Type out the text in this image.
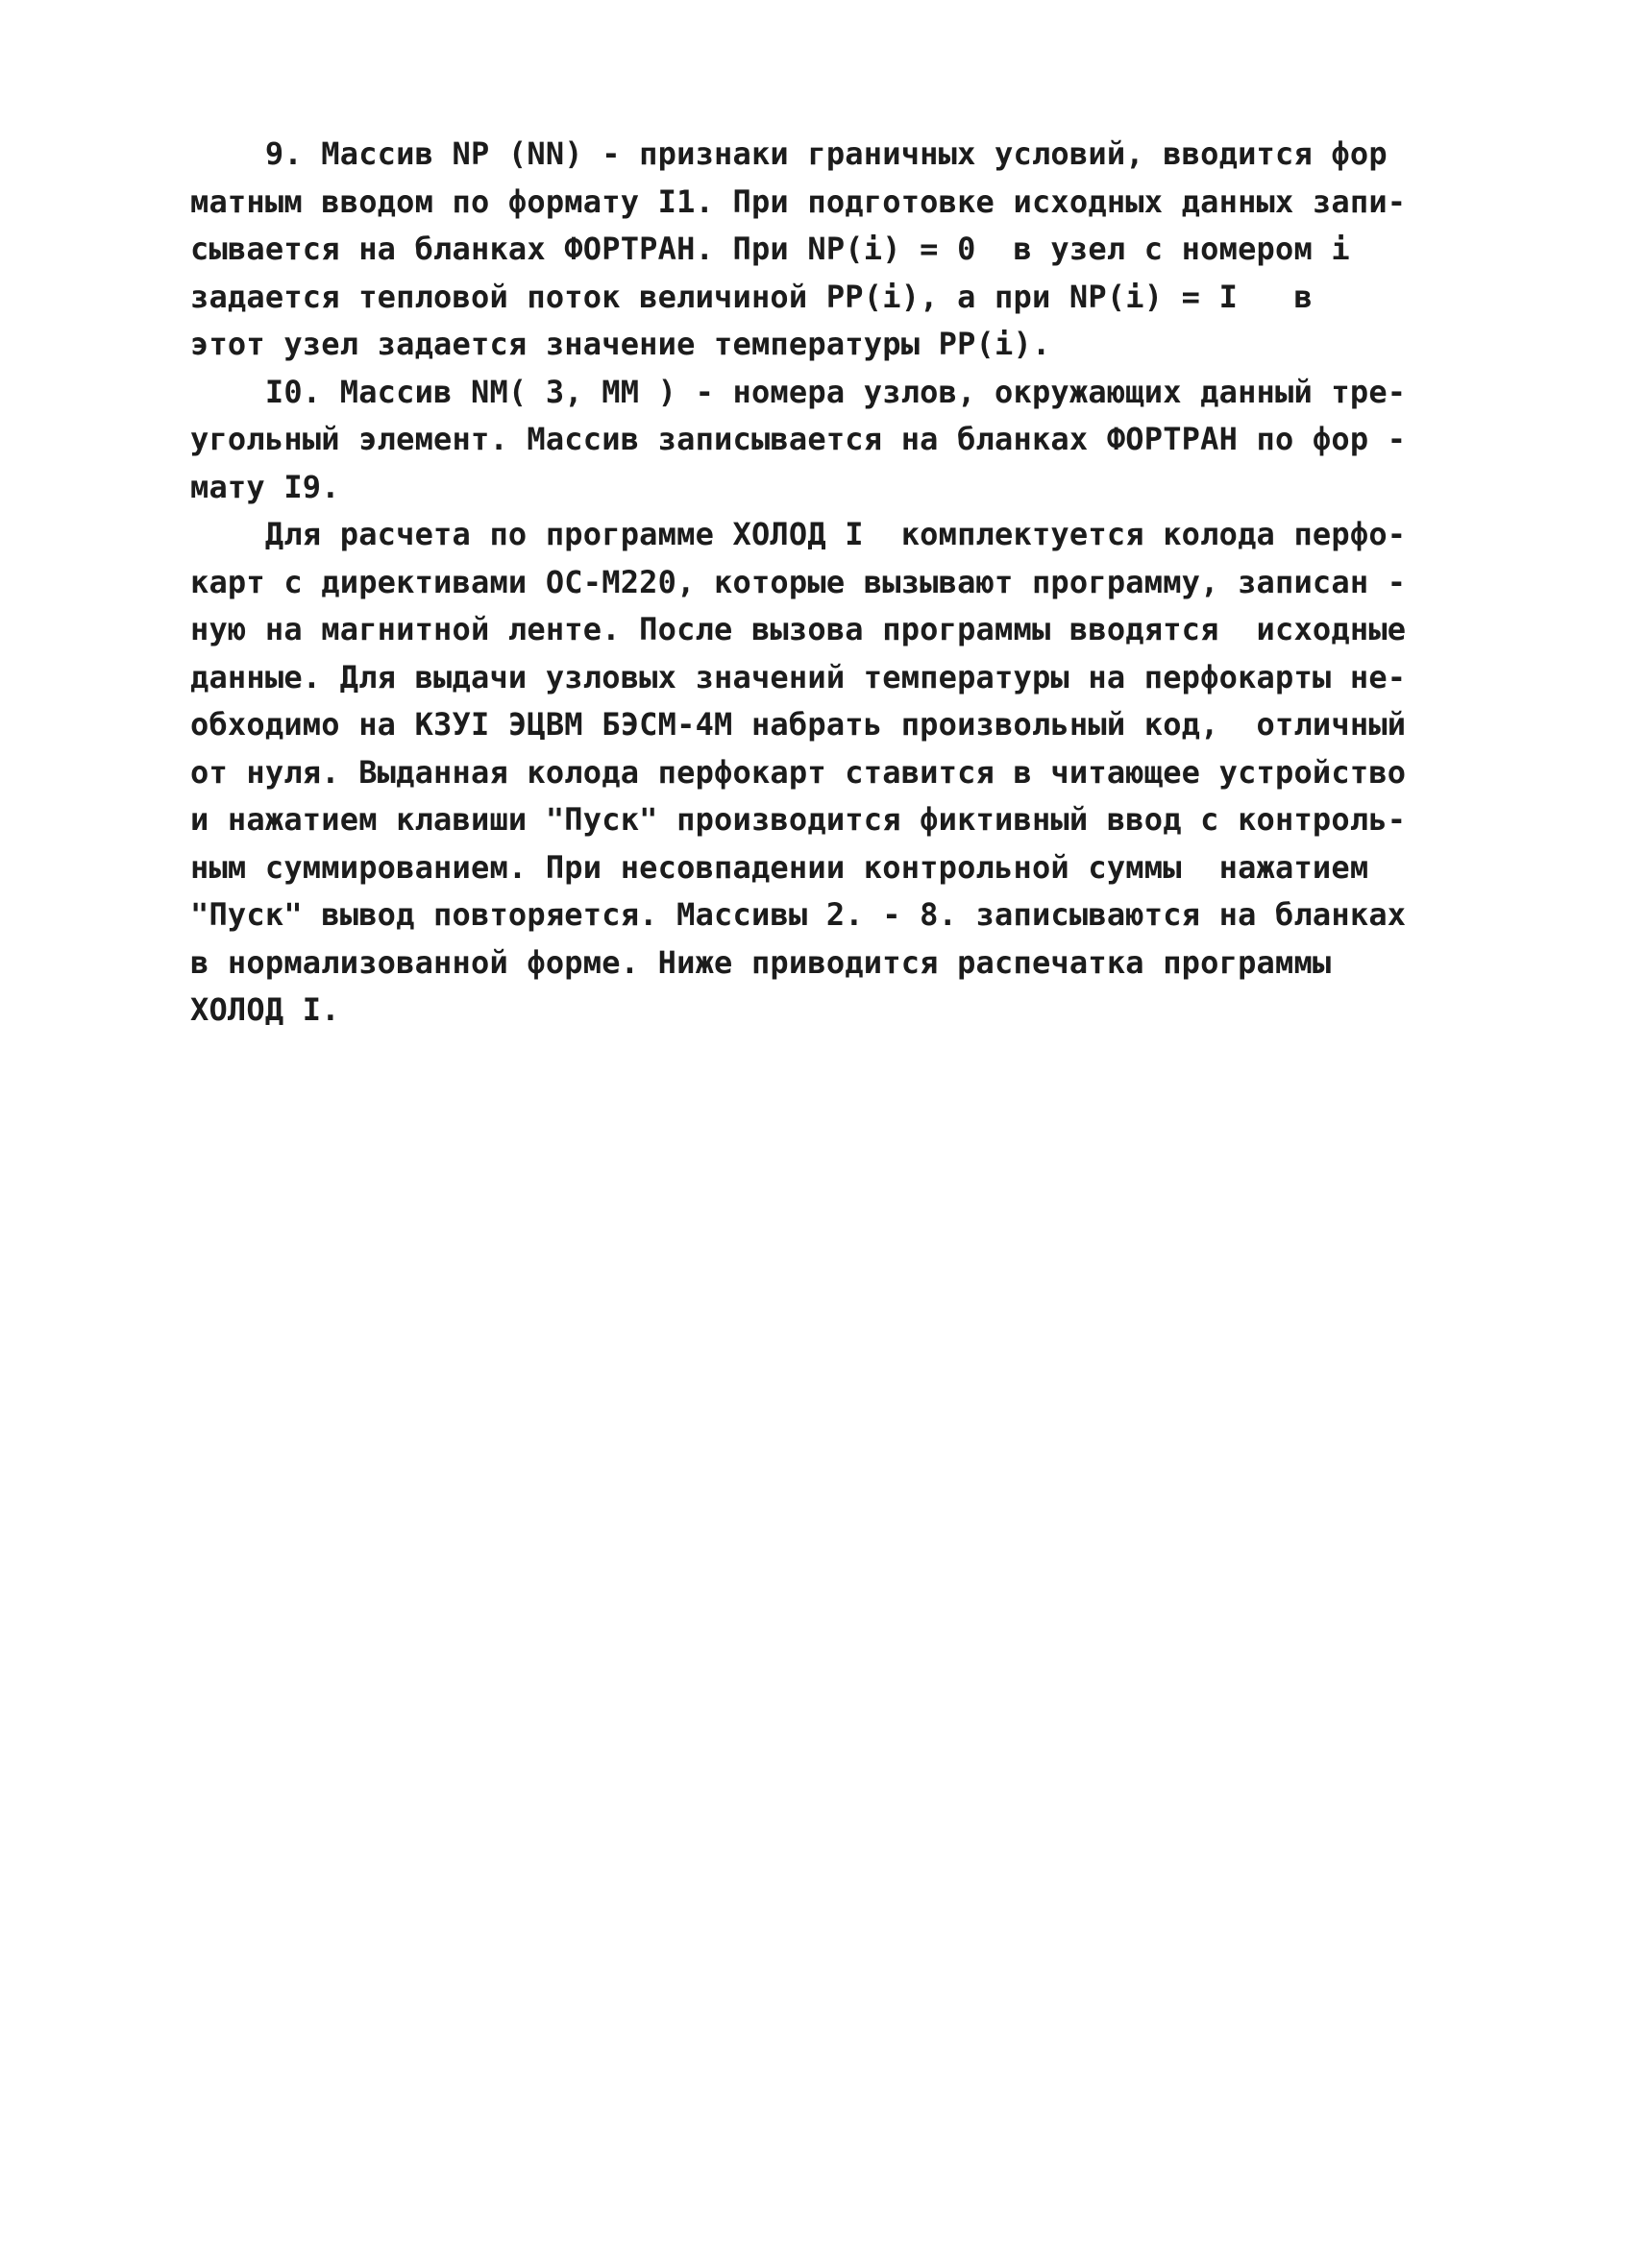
9. Массив NP (NN) - признаки граничных условий, вводится фор
матным вводом по формату I1. При подготовке исходных данных запи-
сывается на бланках ФОРТРАН. При NP(i) = 0  в узел с номером i
задается тепловой поток величиной PP(i), а при NP(i) = I   в
этот узел задается значение температуры PP(i).
I0. Массив NM( 3, MM ) - номера узлов, окружающих данный тре-
угольный элемент. Массив записывается на бланках ФОРТРАН по фор -
мату I9.
Для расчета по программе ХОЛОД I  комплектуется колода перфо-
карт с директивами ОС-М220, которые вызывают программу, записан -
ную на магнитной ленте. После вызова программы вводятся  исходные
данные. Для выдачи узловых значений температуры на перфокарты не-
обходимо на КЗУI ЭЦВМ БЭСМ-4М набрать произвольный код,  отличный
от нуля. Выданная колода перфокарт ставится в читающее устройство
и нажатием клавиши "Пуск" производится фиктивный ввод с контроль-
ным суммированием. При несовпадении контрольной суммы  нажатием
"Пуск" вывод повторяется. Массивы 2. - 8. записываются на бланках
в нормализованной форме. Ниже приводится распечатка программы
ХОЛОД I.
